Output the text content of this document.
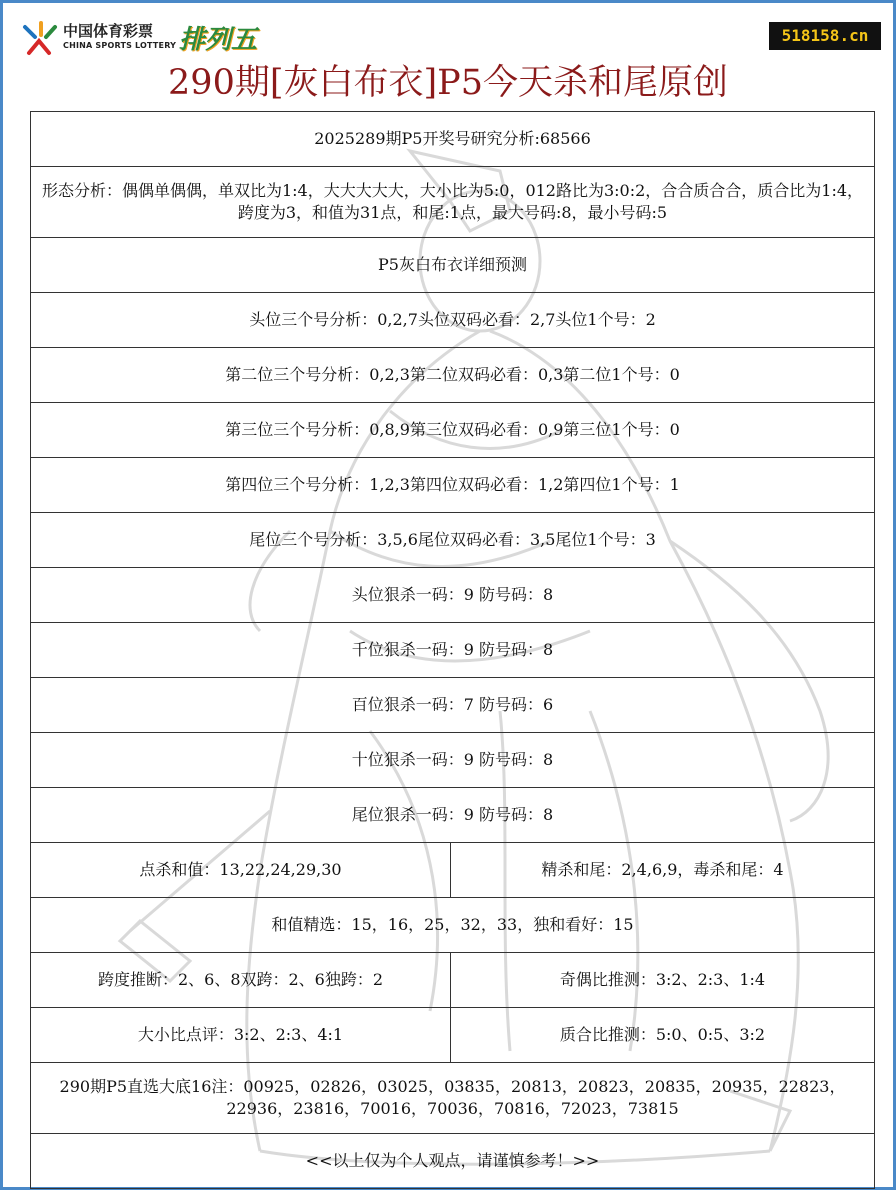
中国体育彩票
CHINA SPORTS LOTTERY 排列五	518158.cn
290期[灰白布衣]P5今天杀和尾原创
2025289期P5开奖号研究分析:68566	
形态分析：偶偶单偶偶，单双比为1:4，大大大大大，大小比为5:0，012路比为3:0:2，合合质合合，质合比为1:4，跨度为3，和值为31点，和尾:1点，最大号码:8，最小号码:5	
P5灰白布衣详细预测	
头位三个号分析：0,2,7头位双码必看：2,7头位1个号：2	
第二位三个号分析：0,2,3第二位双码必看：0,3第二位1个号：0	
第三位三个号分析：0,8,9第三位双码必看：0,9第三位1个号：0	
第四位三个号分析：1,2,3第四位双码必看：1,2第四位1个号：1	
尾位三个号分析：3,5,6尾位双码必看：3,5尾位1个号：3	
头位狠杀一码：9 防号码：8	
千位狠杀一码：9 防号码：8	
百位狠杀一码：7 防号码：6	
十位狠杀一码：9 防号码：8	
尾位狠杀一码：9 防号码：8	
点杀和值：13,22,24,29,30	精杀和尾：2,4,6,9，毒杀和尾：4
和值精选：15，16，25，32，33，独和看好：15	
跨度推断：2、6、8双跨：2、6独跨：2	奇偶比推测：3:2、2:3、1:4
大小比点评：3:2、2:3、4:1	质合比推测：5:0、0:5、3:2
290期P5直选大底16注：00925，02826，03025，03835，20813，20823，20835，20935，22823，22936，23816，70016，70036，70816，72023，73815	
<<以上仅为个人观点，请谨慎参考！>>	
